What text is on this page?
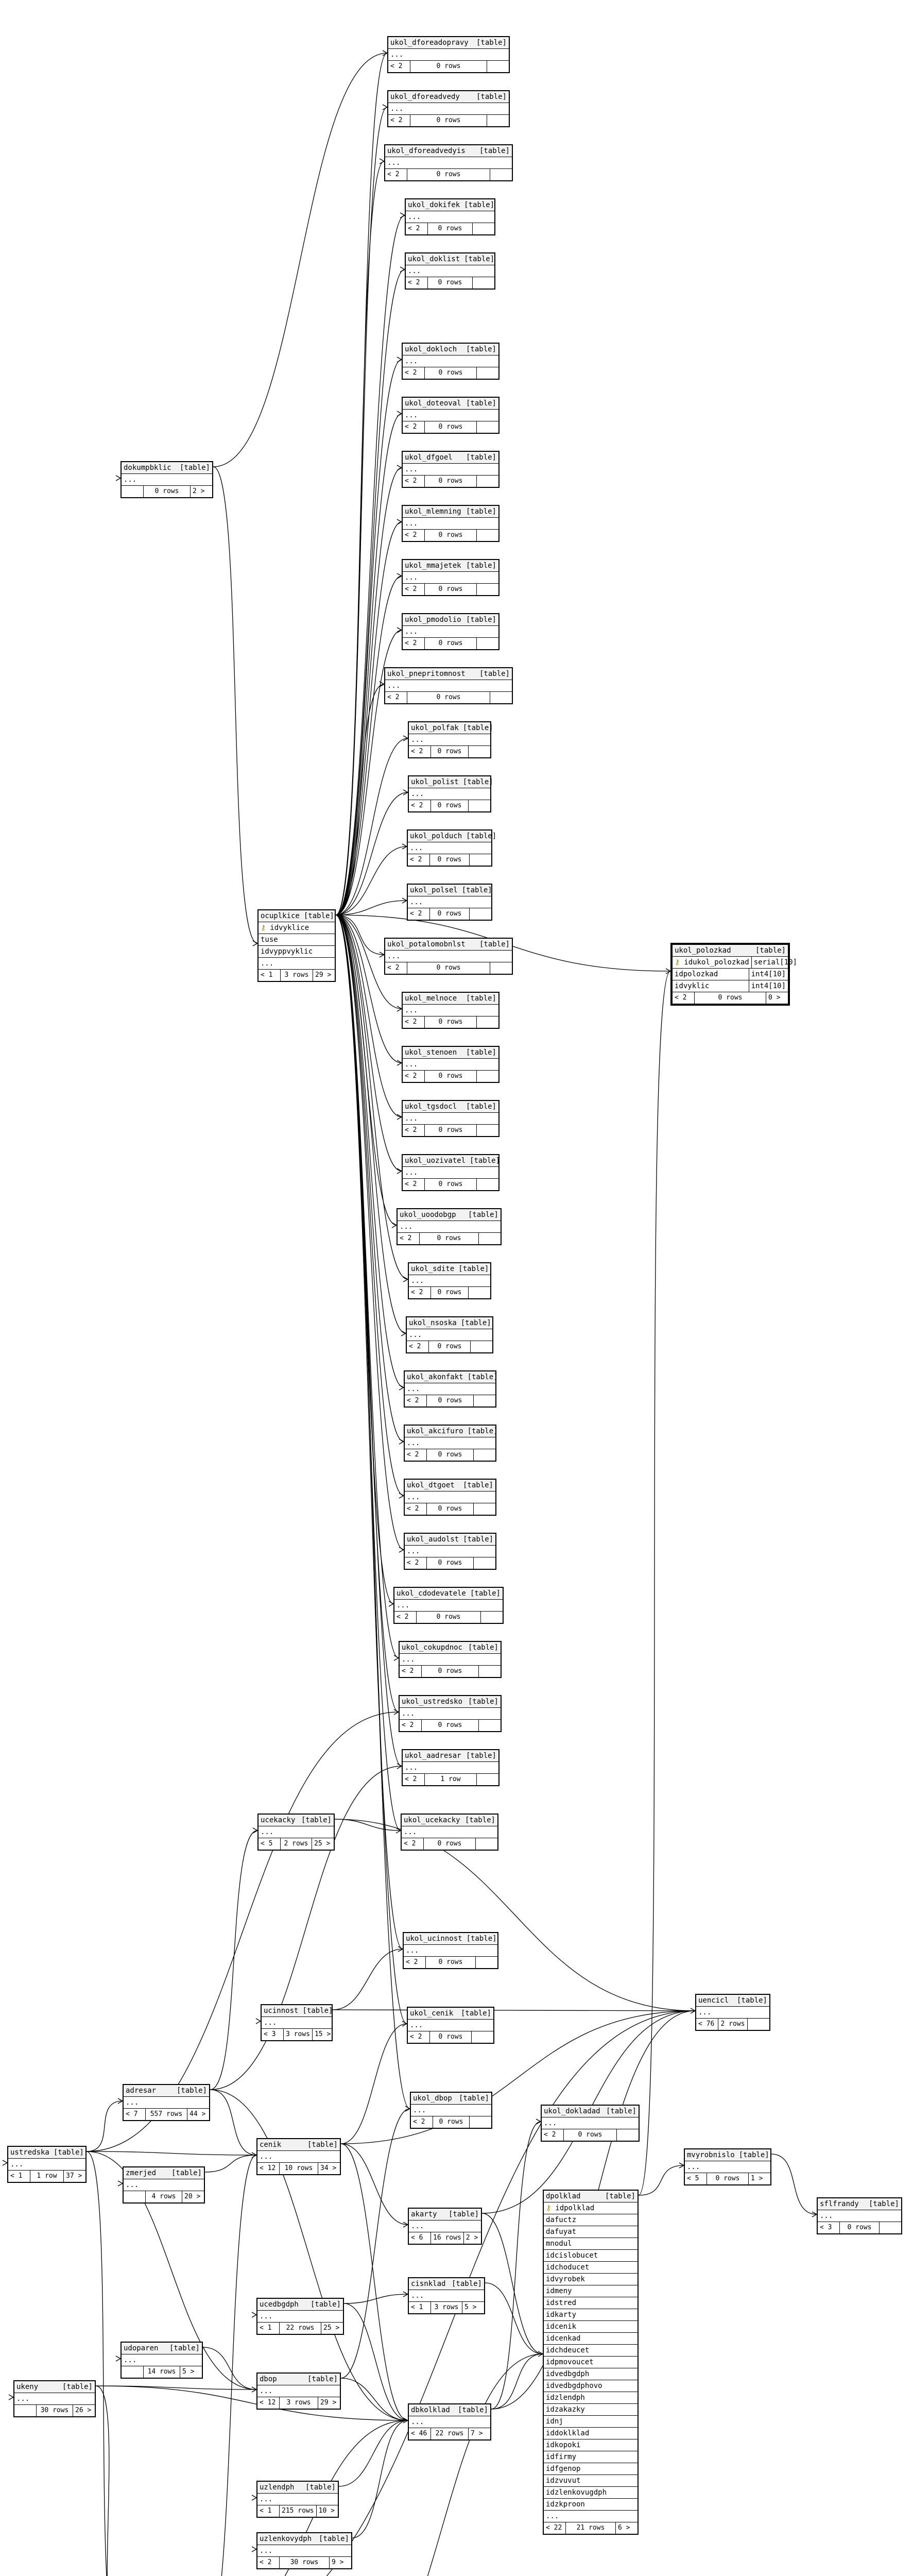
ukol_dforeadopravy	[table]
...
< 2	0 rows
ukol_dforeadvedy	[table]
...
< 2	0 rows
ukol_dforeadvedyis	[table]
...
< 2	0 rows
ukol_dokifek [table]
...
< 2	0 rows
ukol_doklist [table]
...
< 2	0 rows
ukol_dokloch	[table]
...
< 2	0 rows
ukol_doteoval [table]
...
< 2	0 rows
ukol_dfgoel	[table]
...
< 2	0 rows
ukol_mlemning [table]
...
< 2	0 rows
ukol_mmajetek [table]
...
< 2	0 rows
ukol_pmodolio [table]
...
< 2	0 rows
ukol_pnepritomnost	[table]
...
< 2	0 rows
ukol_polfak [table]
...
< 2	0 rows
ukol_polist [table]
...
< 2	0 rows
ukol_polduch [table]
...
< 2	0 rows
ukol_polsel [table]
...
< 2	0 rows
ukol_potalomobnlst	[table]
...
< 2	0 rows
ukol_melnoce	[table]
...
< 2	0 rows
ukol_stenoen	[table]
...
< 2	0 rows
ukol_tgsdocl	[table]
...
< 2	0 rows
ukol_uozivatel [table]
...
< 2	0 rows
ukol_uoodobgp	[table]
...
< 2	0 rows
ukol_sdite [table]
...
< 2	0 rows
ukol_nsoska [table]
...
< 2	0 rows
ukol_akonfakt [table]
...
< 2	0 rows
ukol_akcifuro [table]
...
< 2	0 rows
ukol_dtgoet	[table]
...
< 2	0 rows
ukol_audolst [table]
...
< 2	0 rows
ukol_cdodevatele [table]
...
< 2	0 rows
ukol_cokupdnoc [table]
...
< 2	0 rows
ukol_ustredsko [table]
...
< 2	0 rows
ukol_aadresar [table]
...
< 2	1 row
ukol_ucekacky [table]
...
< 2	0 rows
ukol_ucinnost [table]
...
< 2	0 rows
ukol_cenik	[table]
...
< 2	0 rows
ukol_dbop [table]
...
< 2	0 rows
dokumpbklic	[table]
...
0 rows	2 >
ocuplkice [table]
⚷ idvyklice
tuse
idvyppvyklic
...
< 1	3 rows 29 >
ukol_polozkad	[table]
⚷ idukol_polozkad serial[10]
idpolozkad	int4[10]
idvyklic	int4[10]
< 2	0 rows	0 >
ucekacky [table]
...
< 5	2 rows 25 >
ucinnost [table]
...
< 3	3 rows 15 >
adresar	[table]
...
< 7	557 rows	44 >
cenik	[table]
...
< 12	10 rows	34 >
ustredska [table]
...
< 1	1 row	37 >	zmerjed	[table]
...
4 rows	20 >
ukol_dokladad [table]
...
< 2	0 rows
akarty	[table]
...
< 6	16 rows 2 >
cisnklad [table]
...
< 1	3 rows 5 >
ucedbgdph	[table]
...
< 1	22 rows	25 >
udoparen	[table]
...
14 rows 5 >
dbop	[table]
...
< 12	3 rows	29 >
ukeny	[table]
...
30 rows 26 >	dbkolklad	[table]
...
< 46	22 rows	7 >
uzlendph	[table]
...
< 1	215 rows 10 >
uzlenkovydph [table]
...
< 2	30 rows	9 >
uencicl	[table]
...
< 76 2 rows
dpolklad	[table]
⚷ idpolklad
dafuctz
dafuyat
mnodul
idcislobucet
idchoducet
idvyrobek
idmeny
idstred
idkarty
idcenik
idcenkad
idchdeucet
idpmovoucet
idvedbgdph
idvedbgdphovo
idzlendph
idzakazky
idnj
iddoklklad
idkopoki
idfirmy
idfgenop
idzvuvut
idzlenkovugdph
idzkproon
...
< 22	21 rows	6 >
mvyrobnislo [table]
...
< 5	0 rows	1 >
sflfrandy	[table]
...
< 3	0 rows
